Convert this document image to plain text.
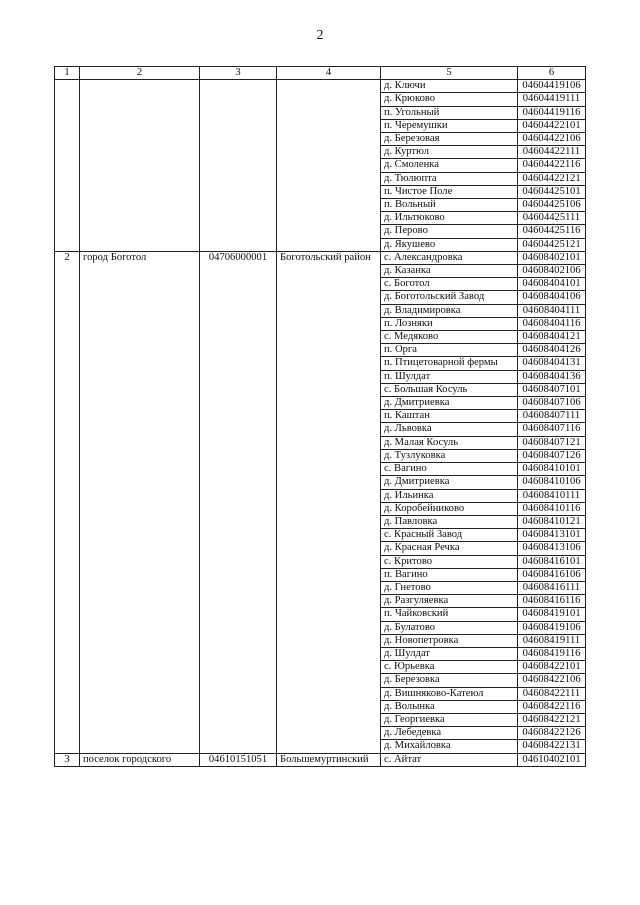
2
1	2	3	4	5	6
				д. Ключи	04604419106
				д. Крюково	04604419111
				п. Угольный	04604419116
				п. Черемушки	04604422101
				д. Березовая	04604422106
				д. Куртюл	04604422111
				д. Смоленка	04604422116
				д. Тюлюпта	04604422121
				п. Чистое Поле	04604425101
				п. Вольный	04604425106
				д. Ильтюково	04604425111
				д. Перово	04604425116
				д. Якушево	04604425121
2	город Боготол	04706000001	Боготольский район	с. Александровка	04608402101
				д. Казанка	04608402106
				с. Боготол	04608404101
				д. Боготольский Завод	04608404106
				д. Владимировка	04608404111
				п. Лозняки	04608404116
				с. Медяково	04608404121
				п. Орга	04608404126
				п. Птицетоварной фермы	04608404131
				п. Шулдат	04608404136
				с. Большая Косуль	04608407101
				д. Дмитриевка	04608407106
				п. Каштан	04608407111
				д. Львовка	04608407116
				д. Малая Косуль	04608407121
				д. Тузлуковка	04608407126
				с. Вагино	04608410101
				д. Дмитриевка	04608410106
				д. Ильинка	04608410111
				д. Коробейниково	04608410116
				д. Павловка	04608410121
				с. Красный Завод	04608413101
				д. Красная Речка	04608413106
				с. Критово	04608416101
				п. Вагино	04608416106
				д. Гнетово	04608416111
				д. Разгуляевка	04608416116
				п. Чайковский	04608419101
				д. Булатово	04608419106
				д. Новопетровка	04608419111
				д. Шулдат	04608419116
				с. Юрьевка	04608422101
				д. Березовка	04608422106
				д. Вишняково-Катеюл	04608422111
				д. Волынка	04608422116
				д. Георгиевка	04608422121
				д. Лебедевка	04608422126
				д. Михайловка	04608422131
3	поселок городского	04610151051	Большемуртинский	с. Айтат	04610402101
